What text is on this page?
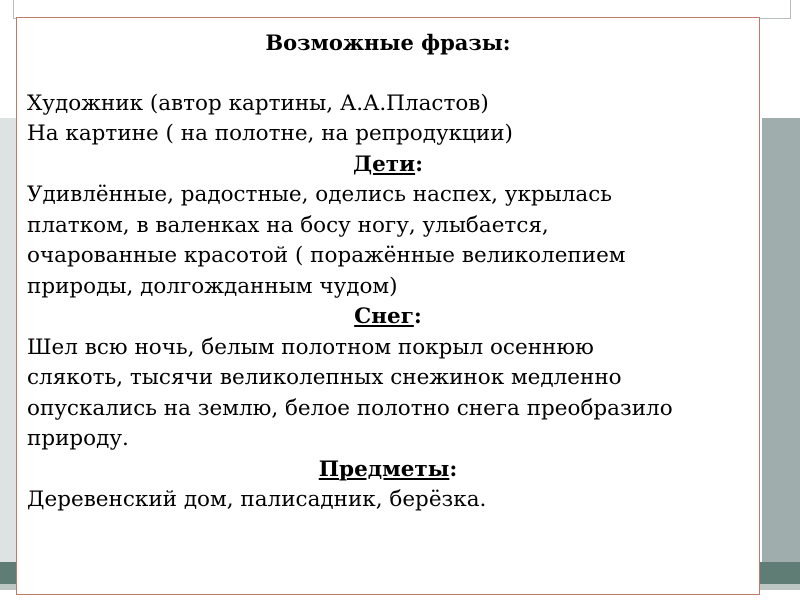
Возможные фразы:

Художник (автор картины, А.А.Пластов)

На картине ( на полотне, на репродукции)

Дети:

Удивлённые, радостные, оделись наспех, укрылась

платком, в валенках на босу ногу, улыбается,

очарованные красотой ( поражённые великолепием

природы, долгожданным чудом)

Снег:

Шел всю ночь, белым полотном покрыл осеннюю

слякоть, тысячи великолепных снежинок медленно

опускались на землю, белое полотно снега преобразило

природу.

Предметы:

Деревенский дом, палисадник, берёзка.
